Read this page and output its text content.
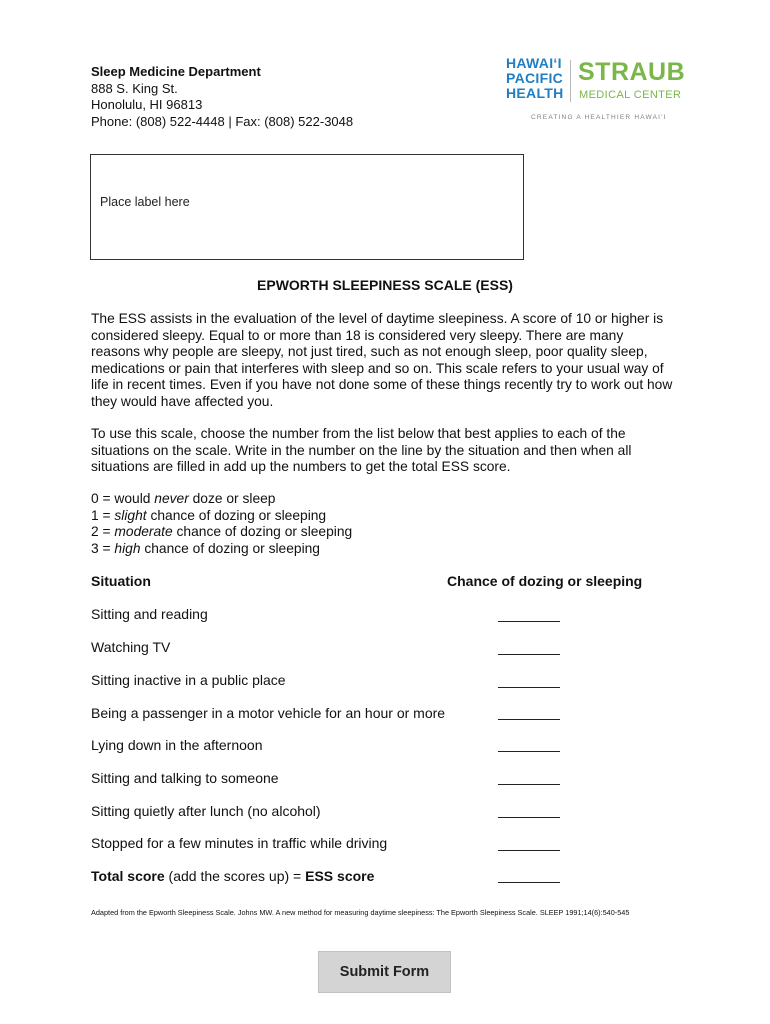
Sleep Medicine Department
888 S. King St.
Honolulu, HI 96813
Phone: (808) 522-4448 | Fax: (808) 522-3048
HAWAIʻI
PACIFIC
HEALTH
STRAUB
MEDICAL CENTER
CREATING A HEALTHIER HAWAIʻI
Place label here
EPWORTH SLEEPINESS SCALE (ESS)
The ESS assists in the evaluation of the level of daytime sleepiness. A score of 10 or higher is
considered sleepy. Equal to or more than 18 is considered very sleepy. There are many
reasons why people are sleepy, not just tired, such as not enough sleep, poor quality sleep,
medications or pain that interferes with sleep and so on. This scale refers to your usual way of
life in recent times. Even if you have not done some of these things recently try to work out how
they would have affected you.
To use this scale, choose the number from the list below that best applies to each of the
situations on the scale. Write in the number on the line by the situation and then when all
situations are filled in add up the numbers to get the total ESS score.
0 = would never doze or sleep
1 = slight chance of dozing or sleeping
2 = moderate chance of dozing or sleeping
3 = high chance of dozing or sleeping
Situation	Chance of dozing or sleeping
Sitting and reading
Watching TV
Sitting inactive in a public place
Being a passenger in a motor vehicle for an hour or more
Lying down in the afternoon
Sitting and talking to someone
Sitting quietly after lunch (no alcohol)
Stopped for a few minutes in traffic while driving
Total score (add the scores up) = ESS score
Adapted from the Epworth Sleepiness Scale. Johns MW. A new method for measuring daytime sleepiness: The Epworth Sleepiness Scale. SLEEP 1991;14(6):540-545
Submit Form
